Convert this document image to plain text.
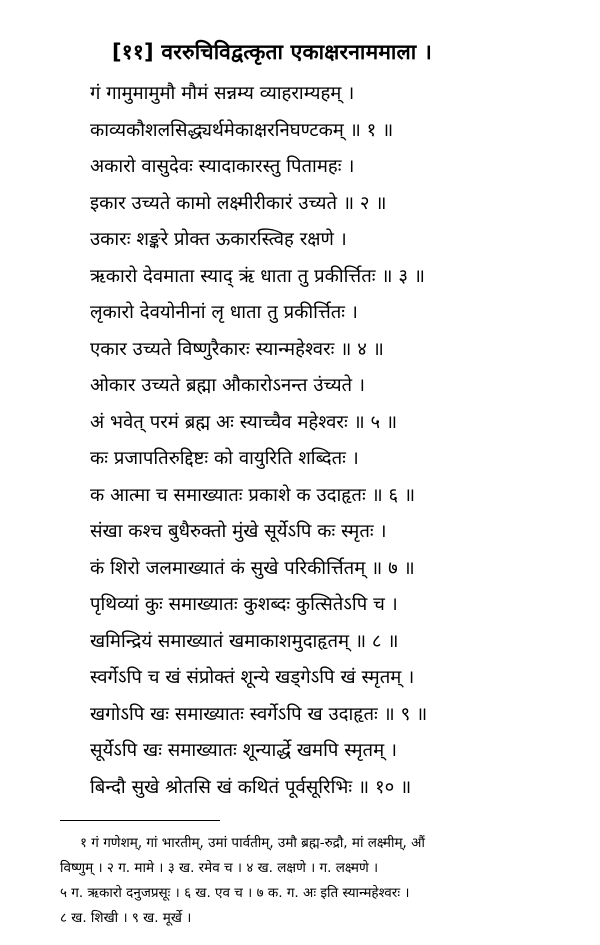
[११] वररुचिविद्वत्कृता एकाक्षरनाममाला ।
गं गामुमामुमौ मौमं सन्नम्य व्याहराम्यहम् ।
काव्यकौशलसिद्ध्यर्थमेकाक्षरनिघण्टकम् ॥ १ ॥
अकारो वासुदेवः स्यादाकारस्तु पितामहः ।
इकार उच्यते कामो लक्ष्मीरीकारं उच्यते ॥ २ ॥
उकारः शङ्करे प्रोक्त ऊकारस्त्विह रक्षणे ।
ऋकारो देवमाता स्याद् ऋं धाता तु प्रकीर्त्तितः ॥ ३ ॥
लृकारो देवयोनीनां लृ धाता तु प्रकीर्त्तितः ।
एकार उच्यते विष्णुरैकारः स्यान्महेश्वरः ॥ ४ ॥
ओकार उच्यते ब्रह्मा औकारोऽनन्त उंच्यते ।
अं भवेत् परमं ब्रह्म अः स्याच्चैव महेश्वरः ॥ ५ ॥
कः प्रजापतिरुद्दिष्टः को वायुरिति शब्दितः ।
क आत्मा च समाख्यातः प्रकाशे क उदाहृतः ॥ ६ ॥
संखा कश्च बुधैरुक्तो मुंखे सूर्येऽपि कः स्मृतः ।
कं शिरो जलमाख्यातं कं सुखे परिकीर्त्तितम् ॥ ७ ॥
पृथिव्यां कुः समाख्यातः कुशब्दः कुत्सितेऽपि च ।
खमिन्द्रियं समाख्यातं खमाकाशमुदाहृतम् ॥ ८ ॥
स्वर्गेऽपि च खं संप्रोक्तं शून्ये खड्गेऽपि खं स्मृतम् ।
खगोऽपि खः समाख्यातः स्वर्गेऽपि ख उदाहृतः ॥ ९ ॥
सूर्येऽपि खः समाख्यातः शून्यार्द्धे खमपि स्मृतम् ।
बिन्दौ सुखे श्रोतसि खं कथितं पूर्वसूरिभिः ॥ १० ॥
१ गं गणेशम्, गां भारतीम्, उमां पार्वतीम्, उमौ ब्रह्म-रुद्रौ, मां लक्ष्मीम्, औं
विष्णुम् । २ ग. मामे । ३ ख. रमेव च । ४ ख. लक्षणे । ग. लक्ष्मणे ।
५ ग. ऋकारो दनुजप्रसूः । ६ ख. एव च । ७ क. ग. अः इति स्यान्महेश्वरः ।
८ ख. शिखी । ९ ख. मूर्खे ।
